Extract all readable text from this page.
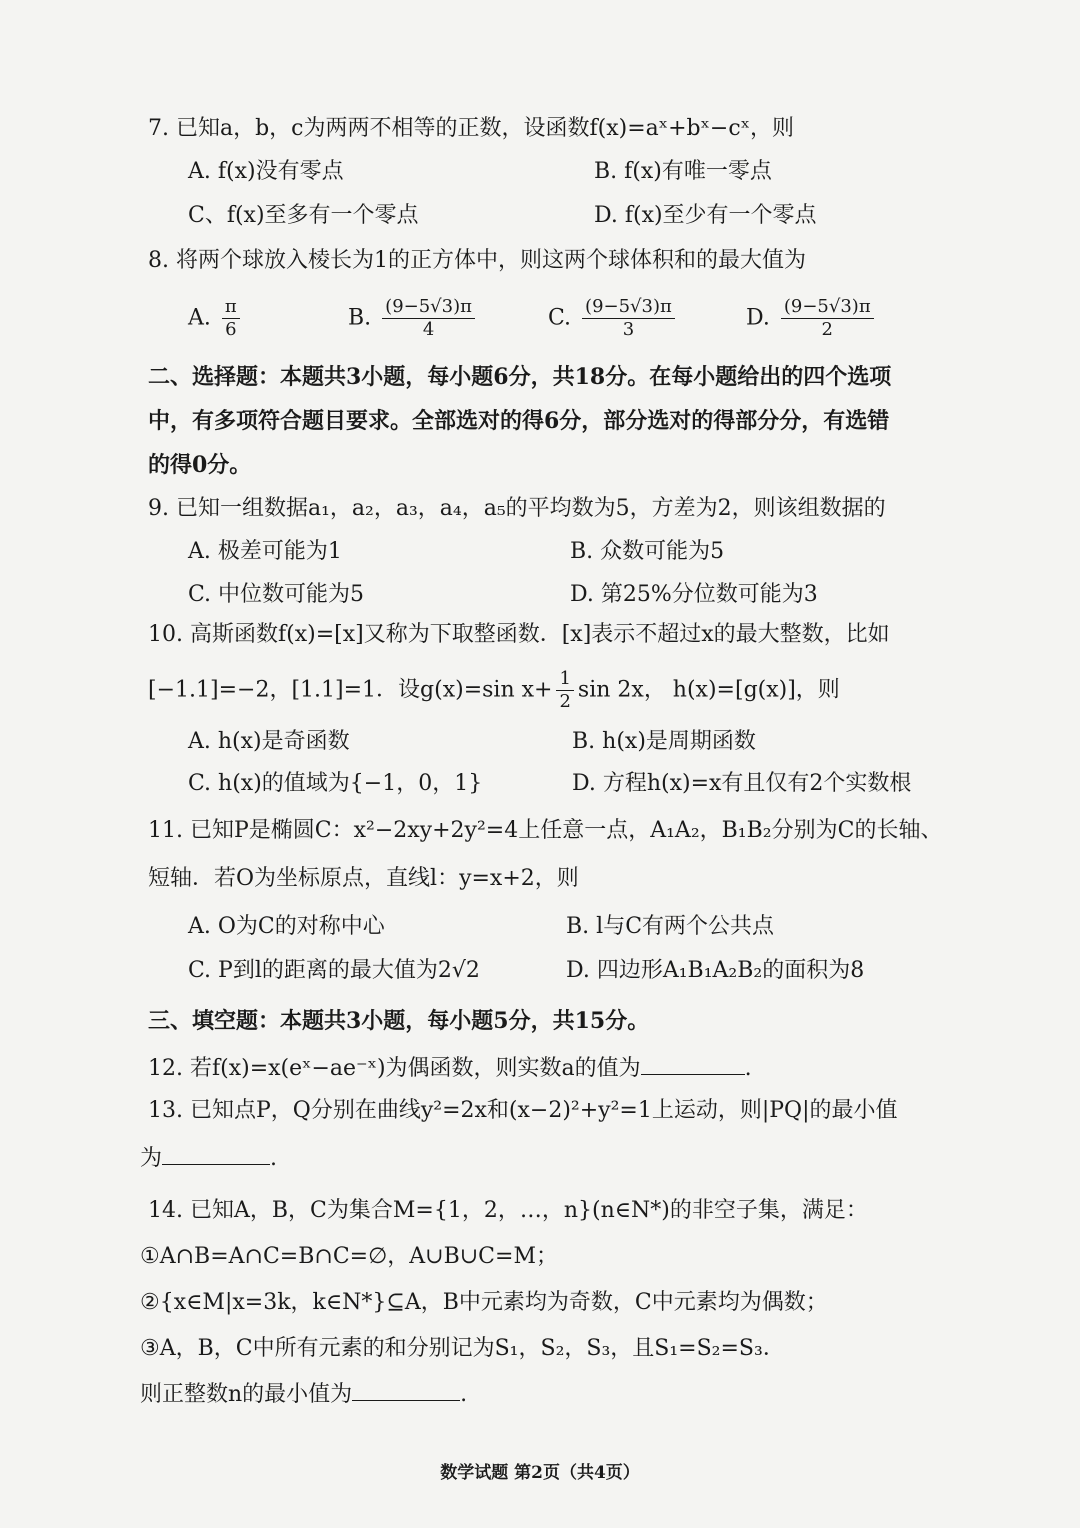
7. 已知a，b，c为两两不相等的正数，设函数f(x)=aˣ+bˣ−cˣ，则
A. f(x)没有零点	B. f(x)有唯一零点
C、f(x)至多有一个零点	D. f(x)至少有一个零点
8. 将两个球放入棱长为1的正方体中，则这两个球体积和的最大值为
A. $\frac{\pi}{6}$	B. $\frac{(9-5√3)\pi}{4}$	C. $\frac{(9-5√3)\pi}{3}$	D. $\frac{(9-5√3)\pi}{2}$
二、选择题：本题共3小题，每小题6分，共18分。在每小题给出的四个选项
中，有多项符合题目要求。全部选对的得6分，部分选对的得部分分，有选错
的得0分。
9. 已知一组数据a₁，a₂，a₃，a₄，a₅的平均数为5，方差为2，则该组数据的
A. 极差可能为1	B. 众数可能为5
C. 中位数可能为5	D. 第25%分位数可能为3
10. 高斯函数f(x)=[x]又称为下取整函数．[x]表示不超过x的最大整数，比如
[−1.1]=−2，[1.1]=1．设g(x)=sin $x+ \frac{1}{2}$ sin 2x， h(x)=[g(x)]，则
A. h(x)是奇函数	B. h(x)是周期函数
C. h(x)的值域为{−1，0，1}	D. 方程h(x)=x有且仅有2个实数根
11. 已知P是椭圆C：x²−2xy+2y²=4上任意一点，A₁A₂，B₁B₂分别为C的长轴、
短轴．若O为坐标原点，直线l：y=x+2，则
A. O为C的对称中心	B. l与C有两个公共点
C. P到l的距离的最大值为2√2	D. 四边形A₁B₁A₂B₂的面积为8
三、填空题：本题共3小题，每小题5分，共15分。
12. 若f(x)=x(eˣ−ae⁻ˣ)为偶函数，则实数a的值为	.
13. 已知点P，Q分别在曲线y²=2x和(x−2)²+y²=1上运动，则|PQ|的最小值
为	.
14. 已知A，B，C为集合M={1，2，…，n}(n∈N*)的非空子集，满足：
①A∩B=A∩C=B∩C=∅，A∪B∪C=M；
②{x∈M|x=3k，k∈N*}⊆A，B中元素均为奇数，C中元素均为偶数；
③A，B，C中所有元素的和分别记为S₁，S₂，S₃，且S₁=S₂=S₃．
则正整数n的最小值为	.
数学试题 第2页（共4页）
